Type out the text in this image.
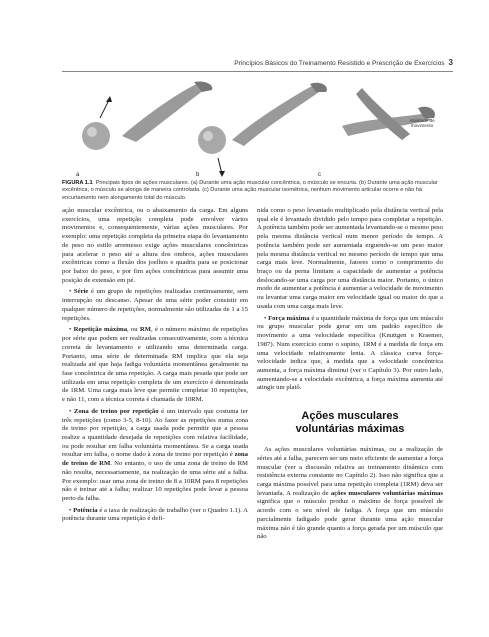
Princípios Básicos do Treinamento Resistido e Prescrição de Exercícios 3
a	b	c
Atividade de movimento
FIGURA 1.1 Principais tipos de ações musculares. (a) Durante uma ação muscular concêntrica, o músculo se encurta. (b) Durante uma ação muscular excêntrica, o músculo se alonga de maneira controlada. (c) Durante uma ação muscular isométrica, nenhum movimento articular ocorre e não há encurtamento nem alongamento total do músculo.

ação muscular excêntrica, ou o abaixamento da carga. Em alguns exercícios, uma repetição completa pode envolver vários movimentos e, consequentemente, várias ações musculares. Por exemplo: uma repetição completa da primeira etapa do levantamento de peso no estilo arremesso exige ações musculares concêntricas para acelerar o peso até a altura dos ombros, ações musculares excêntricas como a flexão dos joelhos e quadris para se posicionar por baixo do peso, e por fim ações concêntricas para assumir uma posição de extensão em pé.

• Série é um grupo de repetições realizadas continuamente, sem interrupção ou descanso. Apesar de uma série poder consistir em qualquer número de repetições, normalmente são utilizadas de 1 a 15 repetições.

• Repetição máxima, ou RM, é o número máximo de repetições por série que podem ser realizadas consecutivamente, com a técnica correta de levantamento e utilizando uma determinada carga. Portanto, uma série de determinada RM implica que ela seja realizada até que haja fadiga voluntária momentânea geralmente na fase concêntrica de uma repetição. A carga mais pesada que pode ser utilizada em uma repetição completa de um exercício é denominada de 1RM. Uma carga mais leve que permite completar 10 repetições, e não 11, com a técnica correta é chamada de 10RM.

• Zona de treino por repetição é um intervalo que costuma ter três repetições (como 3-5, 8-10). Ao fazer as repetições numa zona de treino por repetição, a carga usada pode permitir que a pessoa realize a quantidade desejada de repetições com relativa facilidade, ou pode resultar em falha voluntária momentânea. Se a carga usada resultar em falha, o nome dado à zona de treino por repetição é zona de treino de RM. No entanto, o uso de uma zona de treino de RM não resulta, necessariamente, na realização de uma série até a falha. Por exemplo: usar uma zona de treino de 8 a 10RM para 8 repetições não é treinar até a falha; realizar 10 repetições pode levar a pessoa perto da falha.

• Potência é a taxa de realização de trabalho (ver o Quadro 1.1). A potência durante uma repetição é defi-

nida como o peso levantado multiplicado pela distância vertical pela qual ele é levantado dividido pelo tempo para completar a repetição. A potência também pode ser aumentada levantando-se o mesmo peso pela mesma distância vertical num menor período de tempo. A potência também pode ser aumentada erguendo-se um peso maior pela mesma distância vertical no mesmo período de tempo que uma carga mais leve. Normalmente, fatores como o comprimento do braço ou da perna limitam a capacidade de aumentar a potência deslocando-se uma carga por uma distância maior. Portanto, o único modo de aumentar a potência é aumentar a velocidade de movimento ou levantar uma carga maior em velocidade igual ou maior do que a usada com uma carga mais leve.

• Força máxima é a quantidade máxima de força que um músculo ou grupo muscular pode gerar em um padrão específico de movimento a uma velocidade específica (Knuttgen e Kraemer, 1987). Num exercício como o supino, 1RM é a medida de força em uma velocidade relativamente lenta. A clássica curva força-velocidade indica que, à medida que a velocidade concêntrica aumenta, a força máxima diminui (ver o Capítulo 3). Por outro lado, aumentando-se a velocidade excêntrica, a força máxima aumenta até atingir um platô.

Ações musculares
voluntárias máximas

As ações musculares voluntárias máximas, ou a realização de séries até a falha, parecem ser um meio eficiente de aumentar a força muscular (ver a discussão relativa ao treinamento dinâmico com resistência externa constante no Capítulo 2). Isso não significa que a carga máxima possível para uma repetição completa (1RM) deva ser levantada. A realização de ações musculares voluntárias máximas significa que o músculo produz o máximo de força possível de acordo com o seu nível de fadiga. A força que um músculo parcialmente fadigado pode gerar durante uma ação muscular máxima não é tão grande quanto a força gerada por um músculo que não
